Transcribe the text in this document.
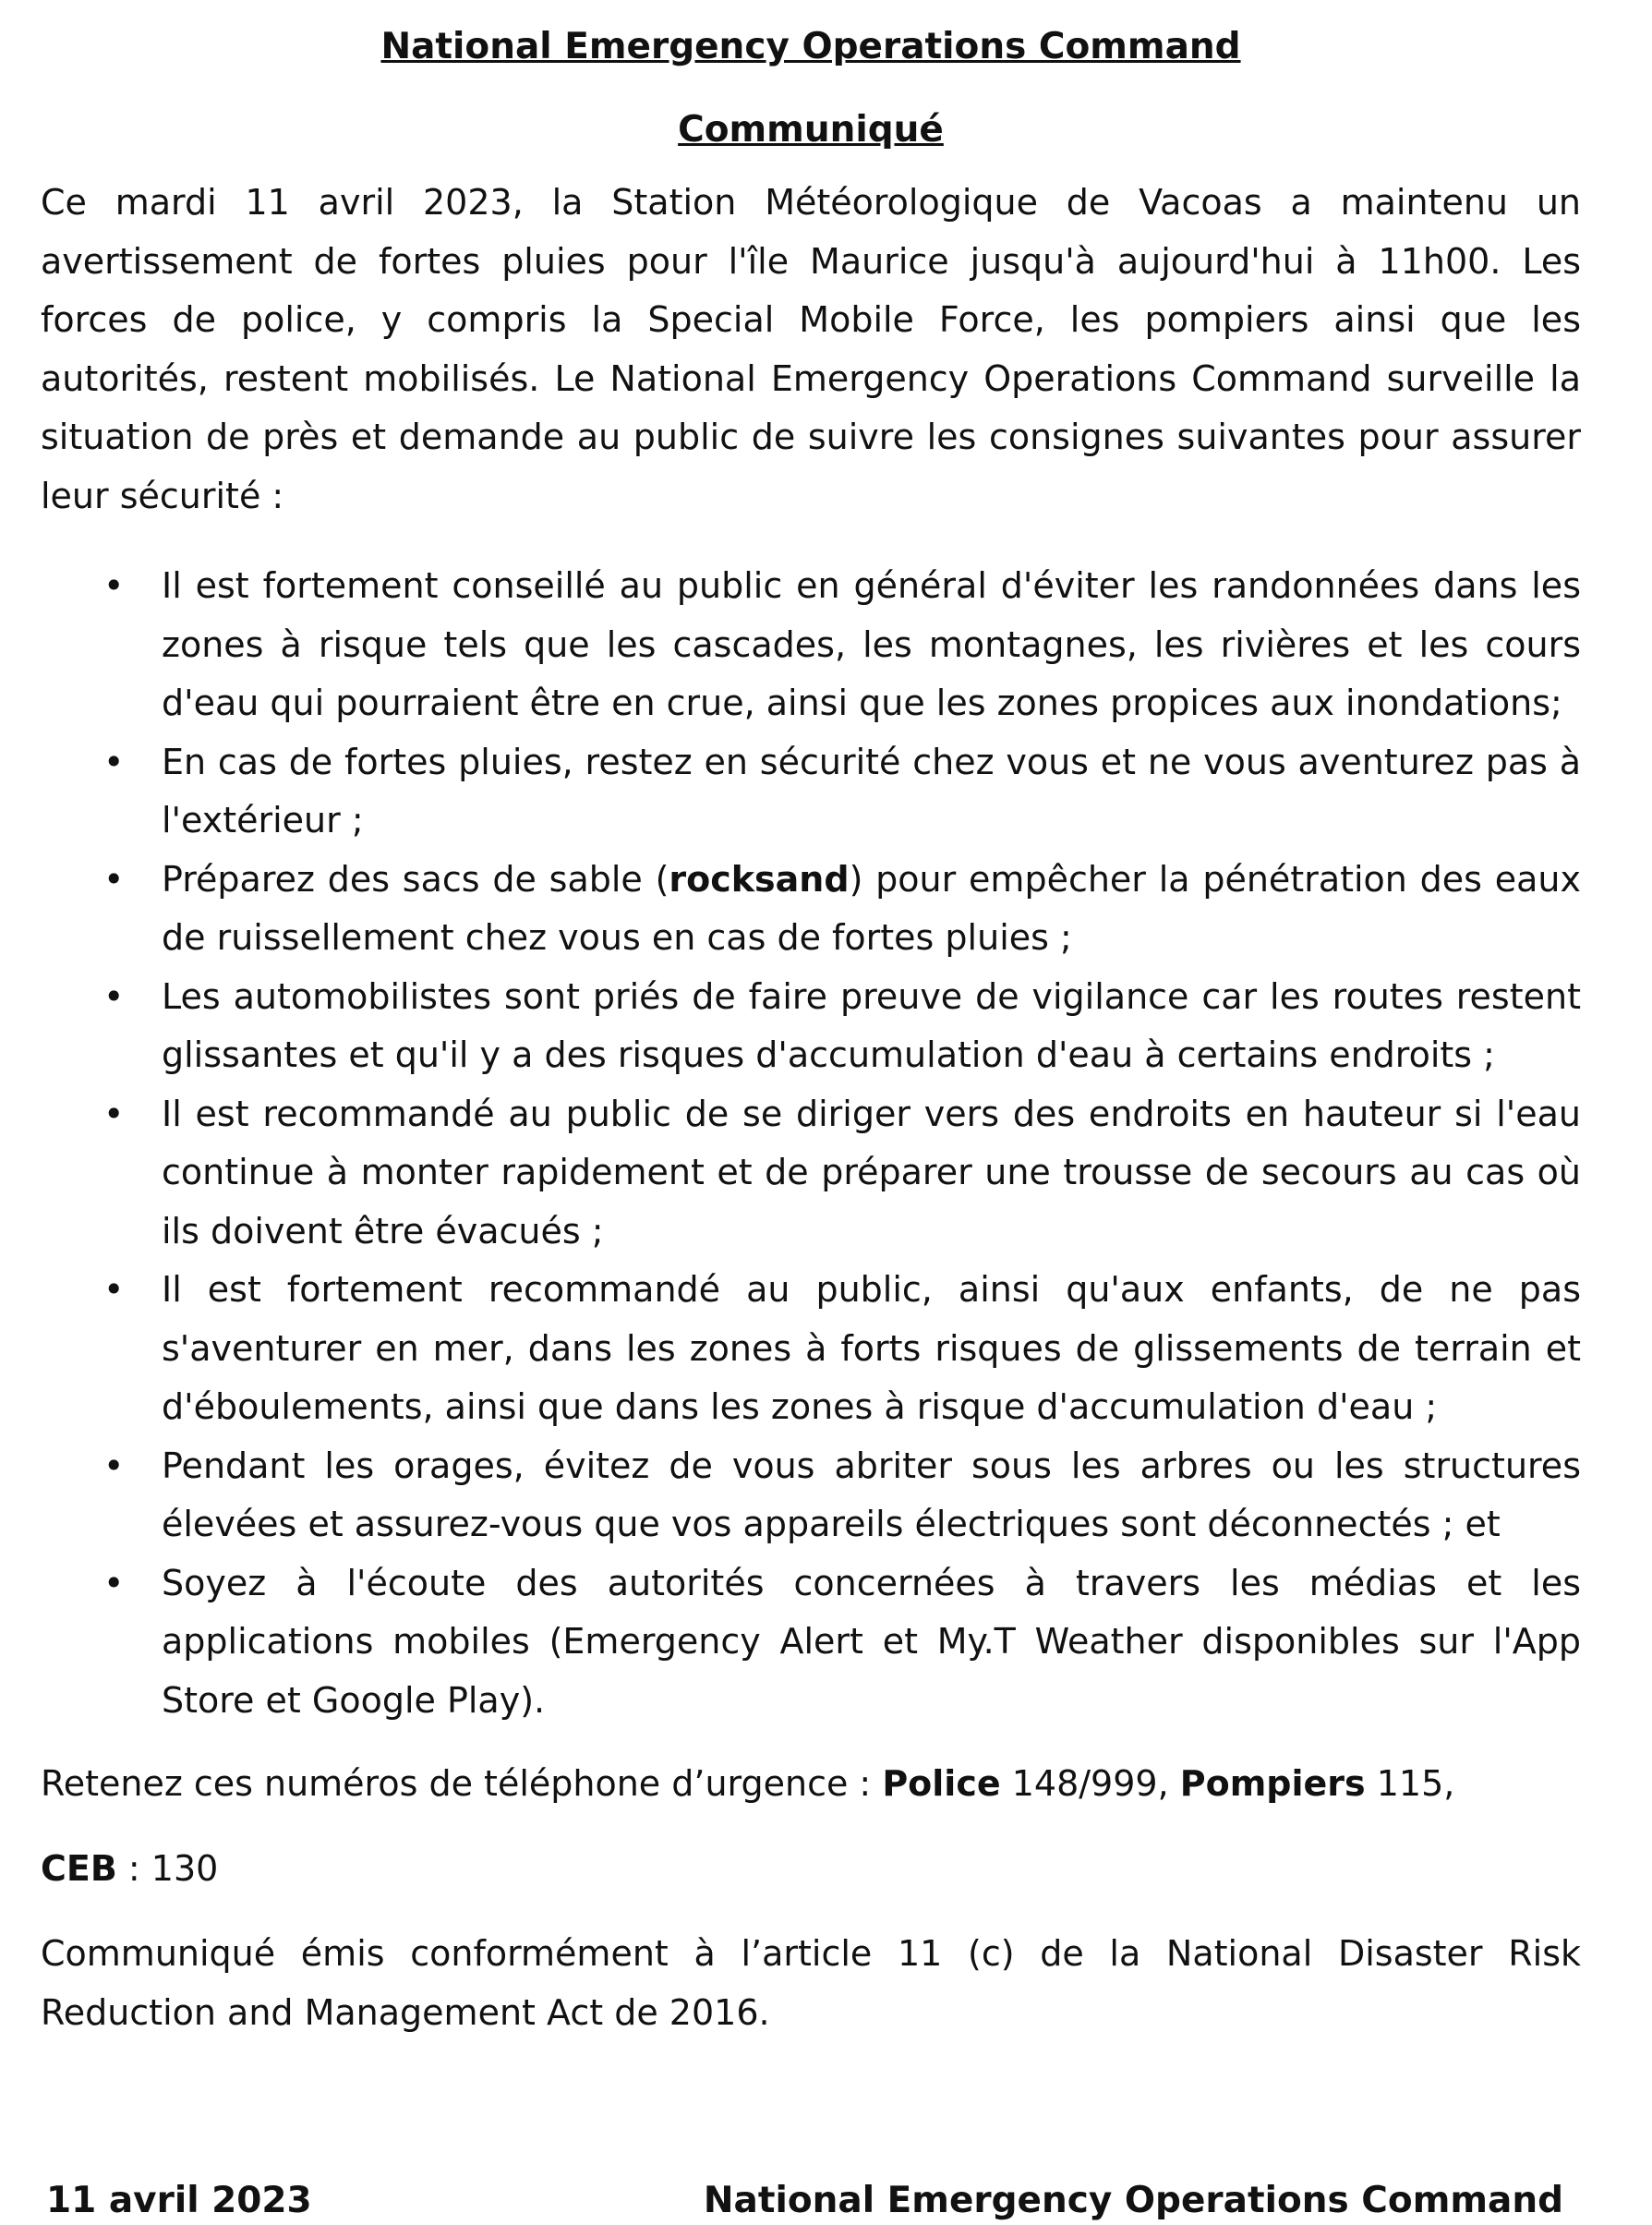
National Emergency Operations Command
Communiqué

Ce mardi 11 avril 2023, la Station Météorologique de Vacoas a maintenu un avertissement de fortes pluies pour l'île Maurice jusqu'à aujourd'hui à 11h00. Les forces de police, y compris la Special Mobile Force, les pompiers ainsi que les autorités, restent mobilisés. Le National Emergency Operations Command surveille la situation de près et demande au public de suivre les consignes suivantes pour assurer leur sécurité :

• Il est fortement conseillé au public en général d'éviter les randonnées dans les zones à risque tels que les cascades, les montagnes, les rivières et les cours d'eau qui pourraient être en crue, ainsi que les zones propices aux inondations;
• En cas de fortes pluies, restez en sécurité chez vous et ne vous aventurez pas à l'extérieur ;
• Préparez des sacs de sable (rocksand) pour empêcher la pénétration des eaux de ruissellement chez vous en cas de fortes pluies ;
• Les automobilistes sont priés de faire preuve de vigilance car les routes restent glissantes et qu'il y a des risques d'accumulation d'eau à certains endroits ;
• Il est recommandé au public de se diriger vers des endroits en hauteur si l'eau continue à monter rapidement et de préparer une trousse de secours au cas où ils doivent être évacués ;
• Il est fortement recommandé au public, ainsi qu'aux enfants, de ne pas s'aventurer en mer, dans les zones à forts risques de glissements de terrain et d'éboulements, ainsi que dans les zones à risque d'accumulation d'eau ;
• Pendant les orages, évitez de vous abriter sous les arbres ou les structures élevées et assurez-vous que vos appareils électriques sont déconnectés ; et
• Soyez à l'écoute des autorités concernées à travers les médias et les applications mobiles (Emergency Alert et My.T Weather disponibles sur l'App Store et Google Play).

Retenez ces numéros de téléphone d’urgence : Police 148/999, Pompiers 115,

CEB : 130

Communiqué émis conformément à l’article 11 (c) de la National Disaster Risk Reduction and Management Act de 2016.

11 avril 2023	National Emergency Operations Command
